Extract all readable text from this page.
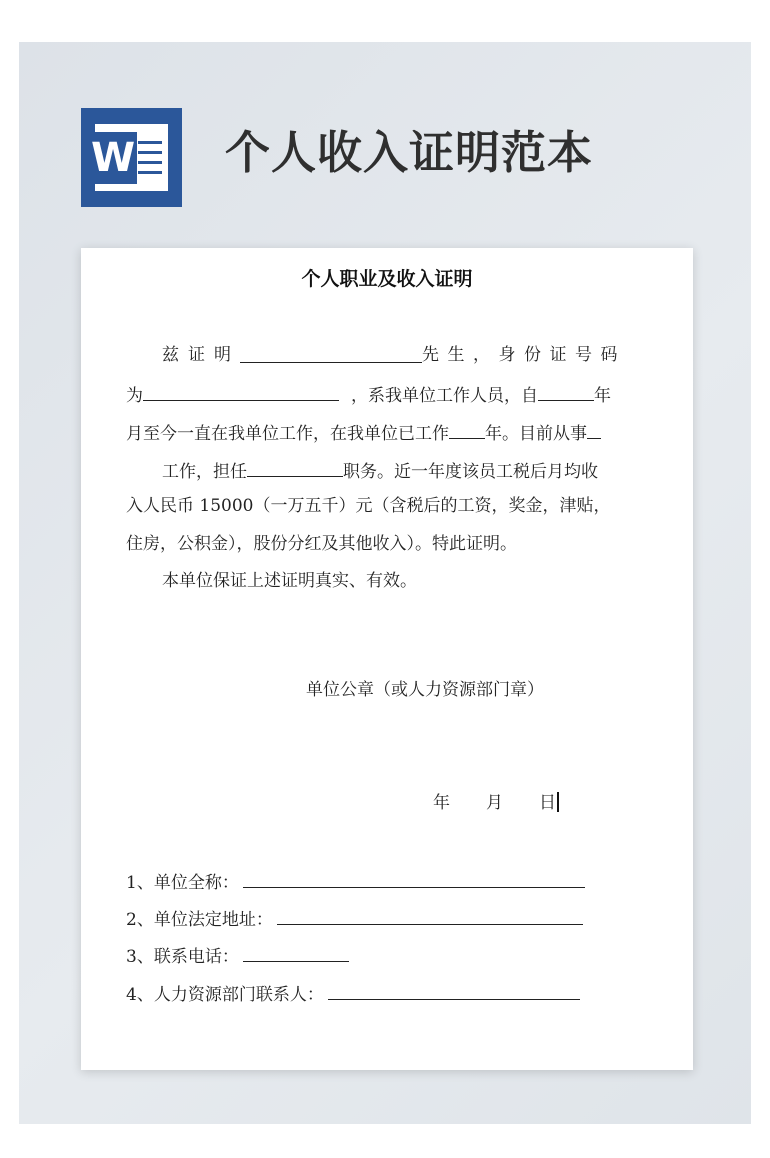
W 个人收入证明范本
个人职业及收入证明
兹证明	先生，身份证号码
为	，系我单位工作人员，自	年
月至今一直在我单位工作，在我单位已工作 年。目前从事
工作，担任	职务。近一年度该员工税后月均收
入人民币 15000（一万五千）元（含税后的工资，奖金，津贴，
住房，公积金），股份分红及其他收入）。特此证明。
本单位保证上述证明真实、有效。
单位公章（或人力资源部门章）
年 月 日
1、单位全称：
2、单位法定地址：
3、联系电话：
4、人力资源部门联系人：
